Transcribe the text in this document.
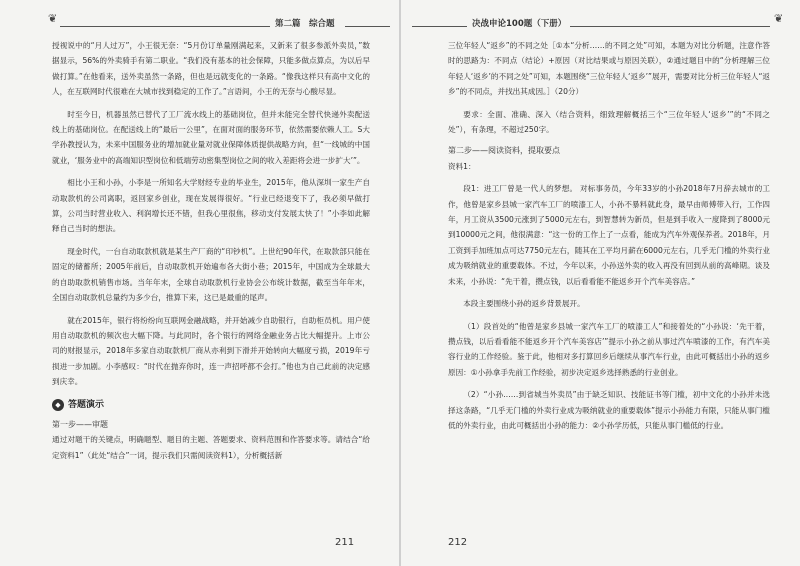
❦	第二篇　综合题

授视说中的“月人过万”，小王很无奈：“5月份订单量刚满起来，又新来了很多参派外卖员，”数据显示，56%的外卖骑手有第二职业。“我们没有基本的社会保障，只能多做点算点，为以后早做打算。”在他看来，送外卖虽然一条路，但也是远就变化的一条路。“像我这样只有高中文化的人，在互联网时代很难在大城市找到稳定的工作了。”言语间，小王的无奈与心酸尽显。

时至今日，机器虽然已替代了工厂流水线上的基础岗位，但并未能完全替代快递外卖配送线上的基础岗位。在配送线上的“最后一公里”，在面对面的服务环节，依然需要依赖人工。S大学孙教授认为，未来中国服务业的增加就业量对就业保障体质提供战略方向，但“一线城的中国就业，‘服务业中的高端知识型岗位和低端劳动密集型岗位之间的收入差距将会进一步扩大’”。

相比小王和小孙，小李是一所知名大学财经专业的毕业生，2015年，他从深圳一家生产自动取款机的公司离职，返回家乡创业，现在发展得很好。“行业已经退变下了，我必须早做打算，公司当时营业收入、利润增长还不错，但我心里很焦，移动支付发展太快了！”小李如此解释自己当时的想法。

现金时代，一台自动取款机就是某生产厂商的“印钞机”。上世纪90年代，在取款部只能在固定的储蓄所；2005年前后，自动取款机开始遍布各大街小巷；2015年，中国成为全球最大的自助取款机销售市场。当年年末，全球自动取款机行业协会公布统计数据，截至当年年末，全国自动取款机总量约为多少台，推算下来，这已是最重的尾声。

就在2015年，银行将纷纷向互联网金融战略，并开始减少自助银行，自助柜员机。用户使用自动取款机的频次也大幅下降。与此同时，各个银行的网络金融业务占比大幅提升。上市公司的财报显示，2018年多家自动取款机厂商从亦利到下滑并开始转向大幅度亏损，2019年亏损进一步加剧。小李感叹：“时代在抛弃你时，连一声招呼都不会打。”他也为自己此前的决定感到庆幸。

◆ 答题演示
第一步——审题

通过对题干的关键点，明确题型、题目的主题、答题要求、资料范围和作答要求等。请结合“给定资料1”（此处“结合”一词，提示我们只需阅读资料1），分析概括新

211
决战申论100题（下册）	❦

三位年轻人“返乡”的不同之处［①本“分析……的不同之处”可知，本题为对比分析题，注意作答时的思路为：不同点（结论）+原因（对比结果或与原因关联），②通过题目中的“分析理解三位年轻人‘返乡’的不同之处”可知，本题围绕“三位年轻人‘返乡’”展开，需要对比分析三位年轻人“返乡”的不同点，并找出其成因。］（20分）

要求：全面、准确、深入（结合资料，细致理解概括三个“三位年轻人‘返乡’”的“不同之处”），有条理，不超过250字。

第二步——阅读资料，提取要点

资料1：

段1：进工厂曾是一代人的梦想。 对标事务员，今年33岁的小孙2018年7月辞去城市的工作，他曾是家乡县城一家汽车工厂的喷漆工人，小孙不暴料就此身，最早由师傅带入行，工作四年，月工资从3500元涨到了5000元左右，到智慧转为新员，但是到手收入一度降到了8000元到10000元之间，他很满意：“这一份的工作上了一点看，能成为汽车外观保养者。2018年，月工资到手加班加点可达7750元左右，随其在工平均月薪在6000元左右，几乎无门槛的外卖行业成为吸纳就业的重要载体。不过，今年以来，小孙送外卖的收入再没有回到从前的高峰期。谈及未来，小孙说：“先干着，攒点钱，以后看看能不能返乡开个汽车美容店。”

本段主要围绕小孙的返乡背景展开。

（1）段首处的“他曾是家乡县城一家汽车工厂的喷漆工人”和接着处的“小孙说：‘先干着，攒点钱，以后看看能不能返乡开个汽车美容店’”提示小孙之前从事过汽车喷漆的工作，有汽车美容行业的工作经验。鉴于此，他相对多打算回乡后继续从事汽车行业，由此可概括出小孙的返乡原因：①小孙拿手先前工作经验，初步决定返乡选择熟悉的行业创业。

（2）“小孙……到省城当外卖员”由于缺乏知识、技能证书等门槛，初中文化的小孙并未选择这条路，“几乎无门槛的外卖行业成为吸纳就业的重要载体”提示小孙能力有限，只能从事门槛低的外卖行业，由此可概括出小孙的能力：②小孙学历低，只能从事门槛低的行业。

212
